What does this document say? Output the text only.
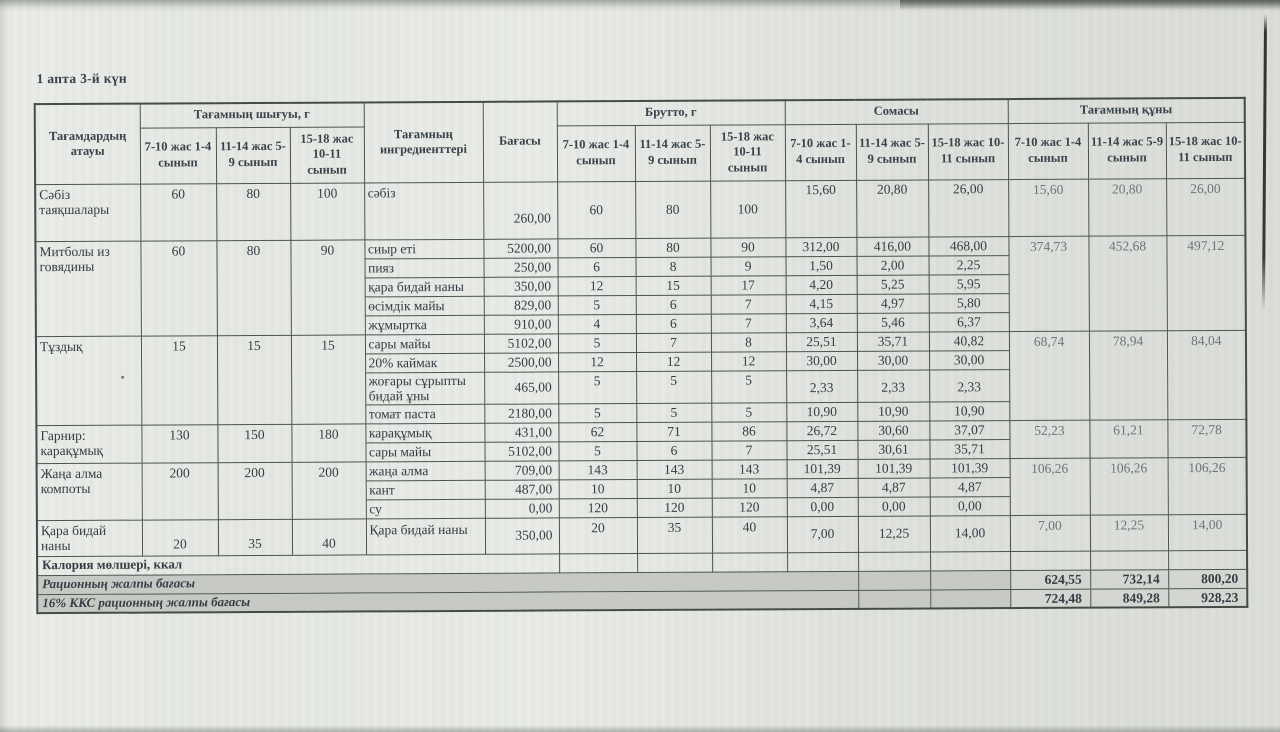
1 апта 3-й күн
Тағамдардың атауы	Тағамның шығуы, г			Тағамның ингредиенттері	Бағасы	Брутто, г			Сомасы			Тағамның құны		
	7-10 жас 1-4 сынып	11-14 жас 5-9 сынып	15-18 жас 10-11 сынып			7-10 жас 1-4 сынып	11-14 жас 5-9 сынып	15-18 жас 10-11 сынып	7-10 жас 1-4 сынып	11-14 жас 5-9 сынып	15-18 жас 10-11 сынып	7-10 жас 1-4 сынып	11-14 жас 5-9 сынып	15-18 жас 10-11 сынып
Сәбіз таяқшалары	60	80	100	сәбіз	260,00	60	80	100	15,60	20,80	26,00	15,60	20,80	26,00
Митболы из говядины	60	80	90	сиыр еті	5200,00	60	80	90	312,00	416,00	468,00	374,73	452,68	497,12
				пияз	250,00	6	8	9	1,50	2,00	2,25			
				қара бидай наны	350,00	12	15	17	4,20	5,25	5,95			
				өсімдік майы	829,00	5	6	7	4,15	4,97	5,80			
				жұмыртка	910,00	4	6	7	3,64	5,46	6,37			
Тұздық	15	15	15	сары майы	5102,00	5	7	8	25,51	35,71	40,82	68,74	78,94	84,04
				20% каймак	2500,00	12	12	12	30,00	30,00	30,00			
				жоғары сұрыпты бидай ұны	465,00	5	5	5	2,33	2,33	2,33			
				томат паста	2180,00	5	5	5	10,90	10,90	10,90			
Гарнир: карақұмық	130	150	180	карақұмық	431,00	62	71	86	26,72	30,60	37,07	52,23	61,21	72,78
				сары майы	5102,00	5	6	7	25,51	30,61	35,71			
Жаңа алма компоты	200	200	200	жаңа алма	709,00	143	143	143	101,39	101,39	101,39	106,26	106,26	106,26
				кант	487,00	10	10	10	4,87	4,87	4,87			
				су	0,00	120	120	120	0,00	0,00	0,00			
Қара бидай наны	20	35	40	Қара бидай наны	350,00	20	35	40	7,00	12,25	14,00	7,00	12,25	14,00
Калория мөлшері, ккал														
Рационның жалпы бағасы												624,55	732,14	800,20
16% ККС рационның жалпы бағасы												724,48	849,28	928,23
